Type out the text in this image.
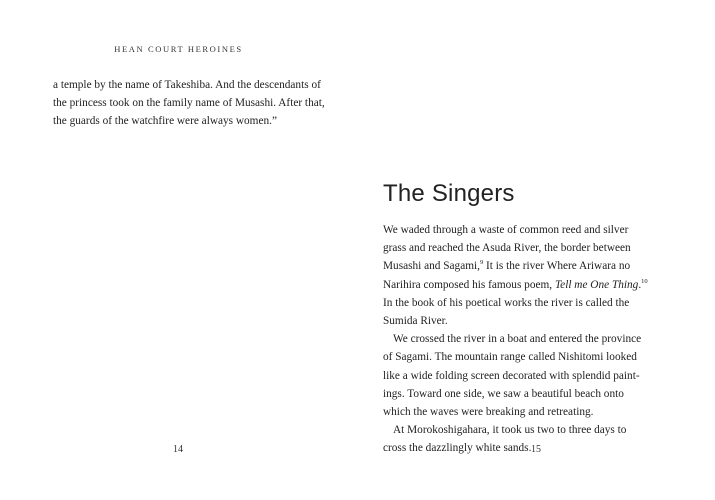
HEAN COURT HEROINES
a temple by the name of Takeshiba. And the descendants of
the princess took on the family name of Musashi. After that,
the guards of the watchfire were always women.”
14
The Singers
We waded through a waste of common reed and silver
grass and reached the Asuda River, the border between
Musashi and Sagami,$^9$ It is the river Where Ariwara no
Narihira composed his famous poem, Tell me One Thing.$^{10}$
In the book of his poetical works the river is called the
Sumida River.
We crossed the river in a boat and entered the province
of Sagami. The mountain range called Nishitomi looked
like a wide folding screen decorated with splendid paint-
ings. Toward one side, we saw a beautiful beach onto
which the waves were breaking and retreating.
At Morokoshigahara, it took us two to three days to
cross the dazzlingly white sands. 15
